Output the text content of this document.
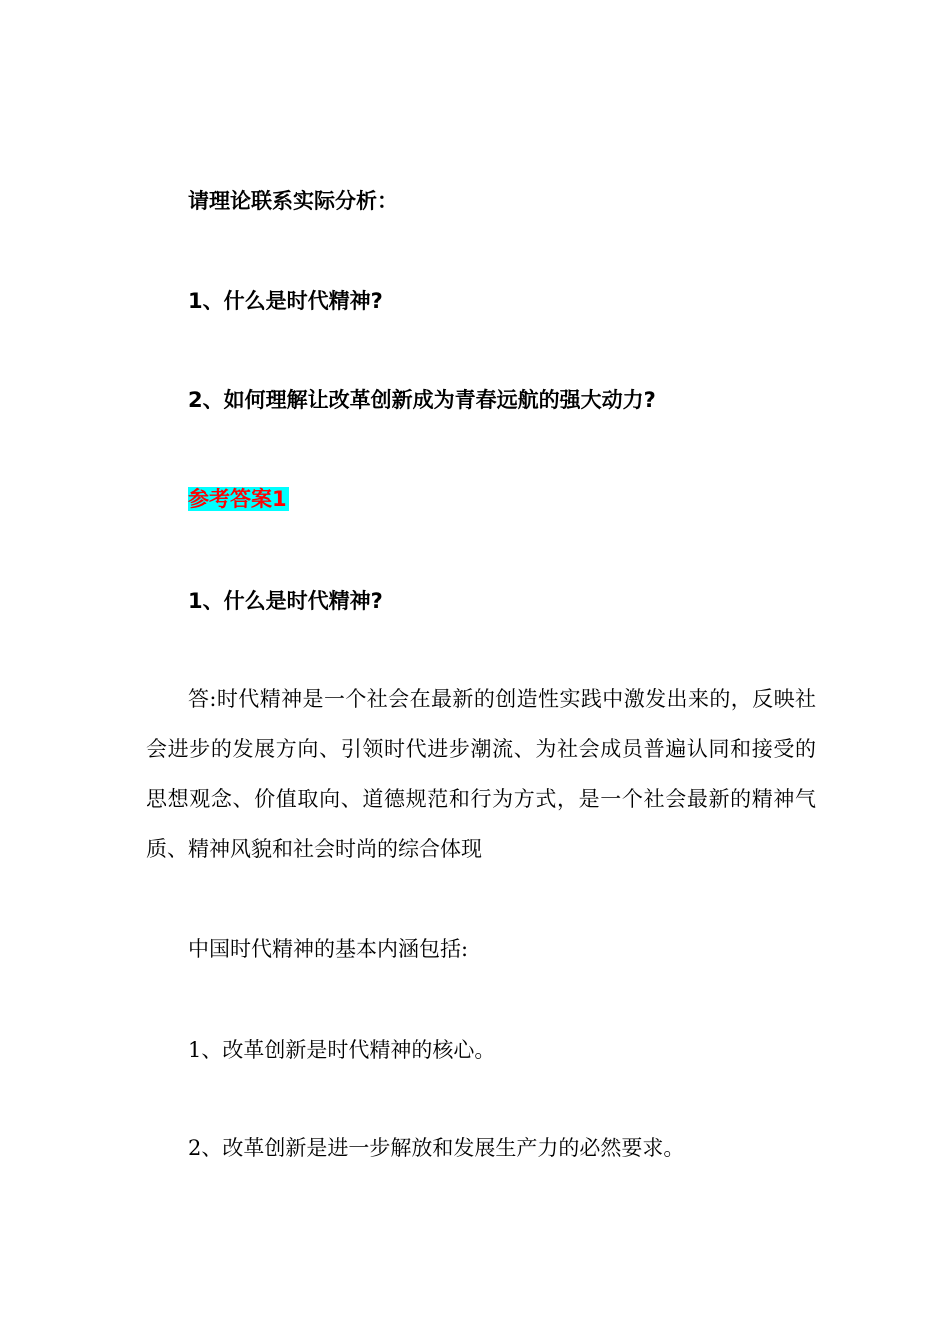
请理论联系实际分析：
1、什么是时代精神?
2、如何理解让改革创新成为青春远航的强大动力?
参考答案1
1、什么是时代精神?

答:时代精神是一个社会在最新的创造性实践中激发出来的，反映社会进步的发展方向、引领时代进步潮流、为社会成员普遍认同和接受的思想观念、价值取向、道德规范和行为方式，是一个社会最新的精神气质、精神风貌和社会时尚的综合体现

中国时代精神的基本内涵包括:
1、改革创新是时代精神的核心。
2、改革创新是进一步解放和发展生产力的必然要求。
